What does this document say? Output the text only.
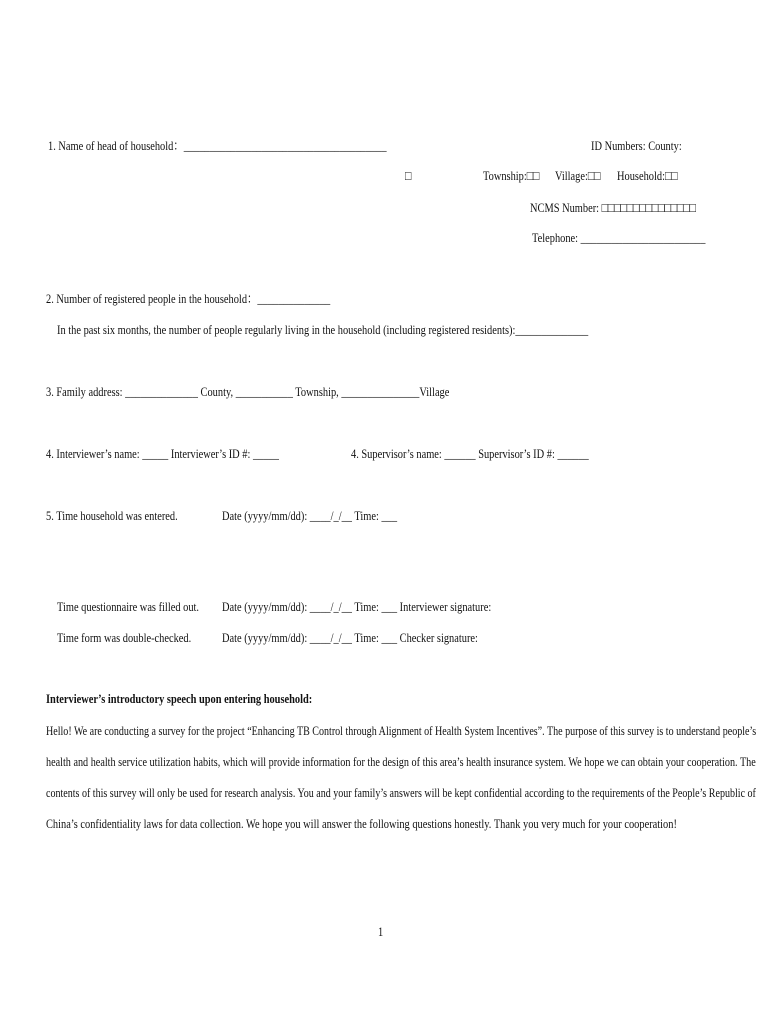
1. Name of head of household：_______________________________________	ID Numbers: County:
□	Township:□□ Village:□□ Household:□□
NCMS Number: □□□□□□□□□□□□□□□
Telephone: ________________________
2. Number of registered people in the household：______________
In the past six months, the number of people regularly living in the household (including registered residents):______________
3. Family address: ______________ County, ___________ Township, _______________Village
4. Interviewer’s name: _____ Interviewer’s ID #: _____	4. Supervisor’s name: ______ Supervisor’s ID #: ______
5. Time household was entered.	Date (yyyy/mm/dd): ____/_/__ Time: ___
Time questionnaire was filled out. Date (yyyy/mm/dd): ____/_/__ Time: ___ Interviewer signature:
Time form was double-checked. Date (yyyy/mm/dd): ____/_/__ Time: ___ Checker signature:
Interviewer’s introductory speech upon entering household:
Hello! We are conducting a survey for the project “Enhancing TB Control through Alignment of Health System Incentives”. The purpose of this survey is to understand people’s
health and health service utilization habits, which will provide information for the design of this area’s health insurance system. We hope we can obtain your cooperation. The
contents of this survey will only be used for research analysis. You and your family’s answers will be kept confidential according to the requirements of the People’s Republic of
China’s confidentiality laws for data collection. We hope you will answer the following questions honestly. Thank you very much for your cooperation!
1
